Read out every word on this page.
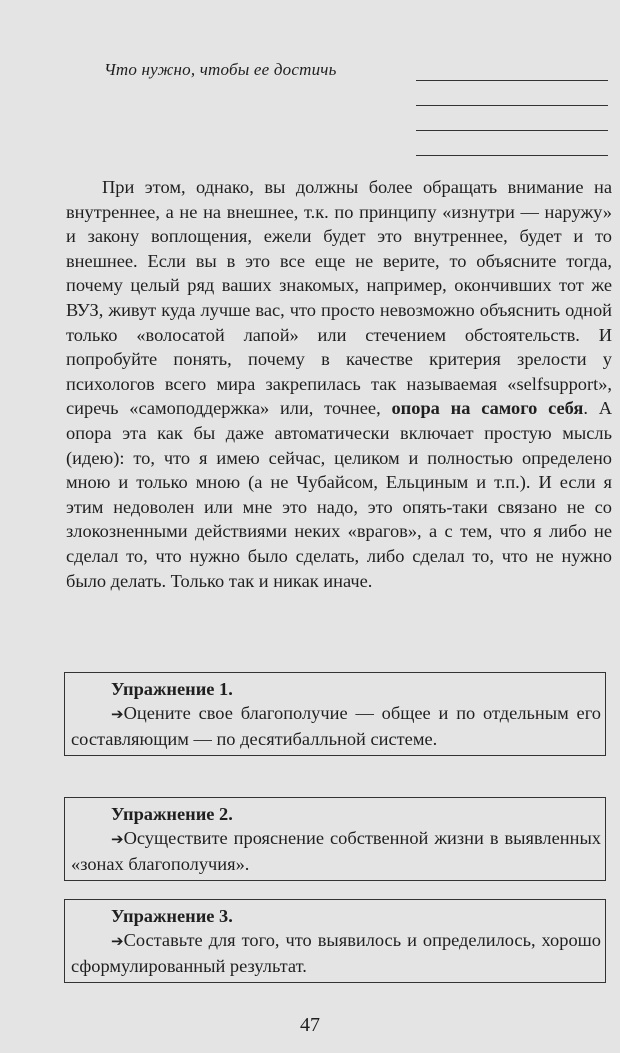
Что нужно, чтобы ее достичь
При этом, однако, вы должны более обращать внимание на внутреннее, а не на внешнее, т.к. по принципу «изнутри — наружу» и закону воплощения, ежели будет это внутреннее, будет и то внешнее. Если вы в это все еще не верите, то объясните тогда, почему целый ряд ваших знакомых, например, окончивших тот же ВУЗ, живут куда лучше вас, что просто невозможно объяснить одной только «волосатой лапой» или стечением обстоятельств. И попробуйте понять, почему в качестве критерия зрелости у психологов всего мира закрепилась так называемая «selfsupport», сиречь «самоподдержка» или, точнее, опора на самого себя. А опора эта как бы даже автоматически включает простую мысль (идею): то, что я имею сейчас, целиком и полностью определено мною и только мною (а не Чубайсом, Ельциным и т.п.). И если я этим недоволен или мне это надо, это опять-таки связано не со злокозненными действиями неких «врагов», а с тем, что я либо не сделал то, что нужно было сделать, либо сделал то, что не нужно было делать. Только так и никак иначе.
Упражнение 1.
➔Оцените свое благополучие — общее и по отдельным его составляющим — по десятибалльной системе.
Упражнение 2.
➔Осуществите прояснение собственной жизни в выявленных «зонах благополучия».
Упражнение 3.
➔Составьте для того, что выявилось и определилось, хорошо сформулированный результат.
47
